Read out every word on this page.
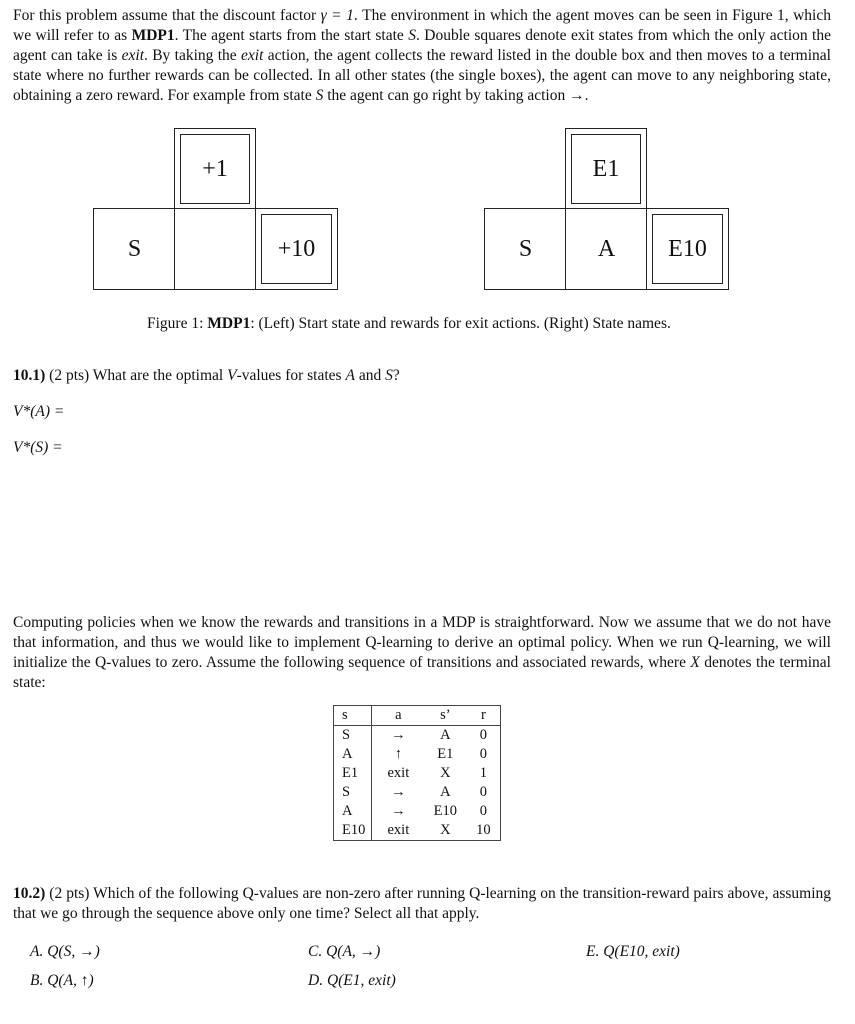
For this problem assume that the discount factor γ = 1. The environment in which the agent moves can be seen in Figure 1, which we will refer to as MDP1. The agent starts from the start state S. Double squares denote exit states from which the only action the agent can take is exit. By taking the exit action, the agent collects the reward listed in the double box and then moves to a terminal state where no further rewards can be collected. In all other states (the single boxes), the agent can move to any neighboring state, obtaining a zero reward. For example from state S the agent can go right by taking action →.
+1
S	+10
E1
S	A E10
Figure 1: MDP1: (Left) Start state and rewards for exit actions. (Right) State names.
10.1) (2 pts) What are the optimal V-values for states A and S?
V*(A) =
V*(S) =
Computing policies when we know the rewards and transitions in a MDP is straightforward. Now we assume that we do not have that information, and thus we would like to implement Q-learning to derive an optimal policy. When we run Q-learning, we will initialize the Q-values to zero. Assume the following sequence of transitions and associated rewards, where X denotes the terminal state:
s	a	s’	r
S	→	A	0
A	↑	E1	0
E1	exit	X	1
S	→	A	0
A	→	E10	0
E10	exit	X	10
10.2) (2 pts) Which of the following Q-values are non-zero after running Q-learning on the transition-reward pairs above, assuming that we go through the sequence above only one time? Select all that apply.
A. Q(S, →)
B. Q(A, ↑)
C. Q(A, →)
D. Q(E1, exit)
E. Q(E10, exit)
